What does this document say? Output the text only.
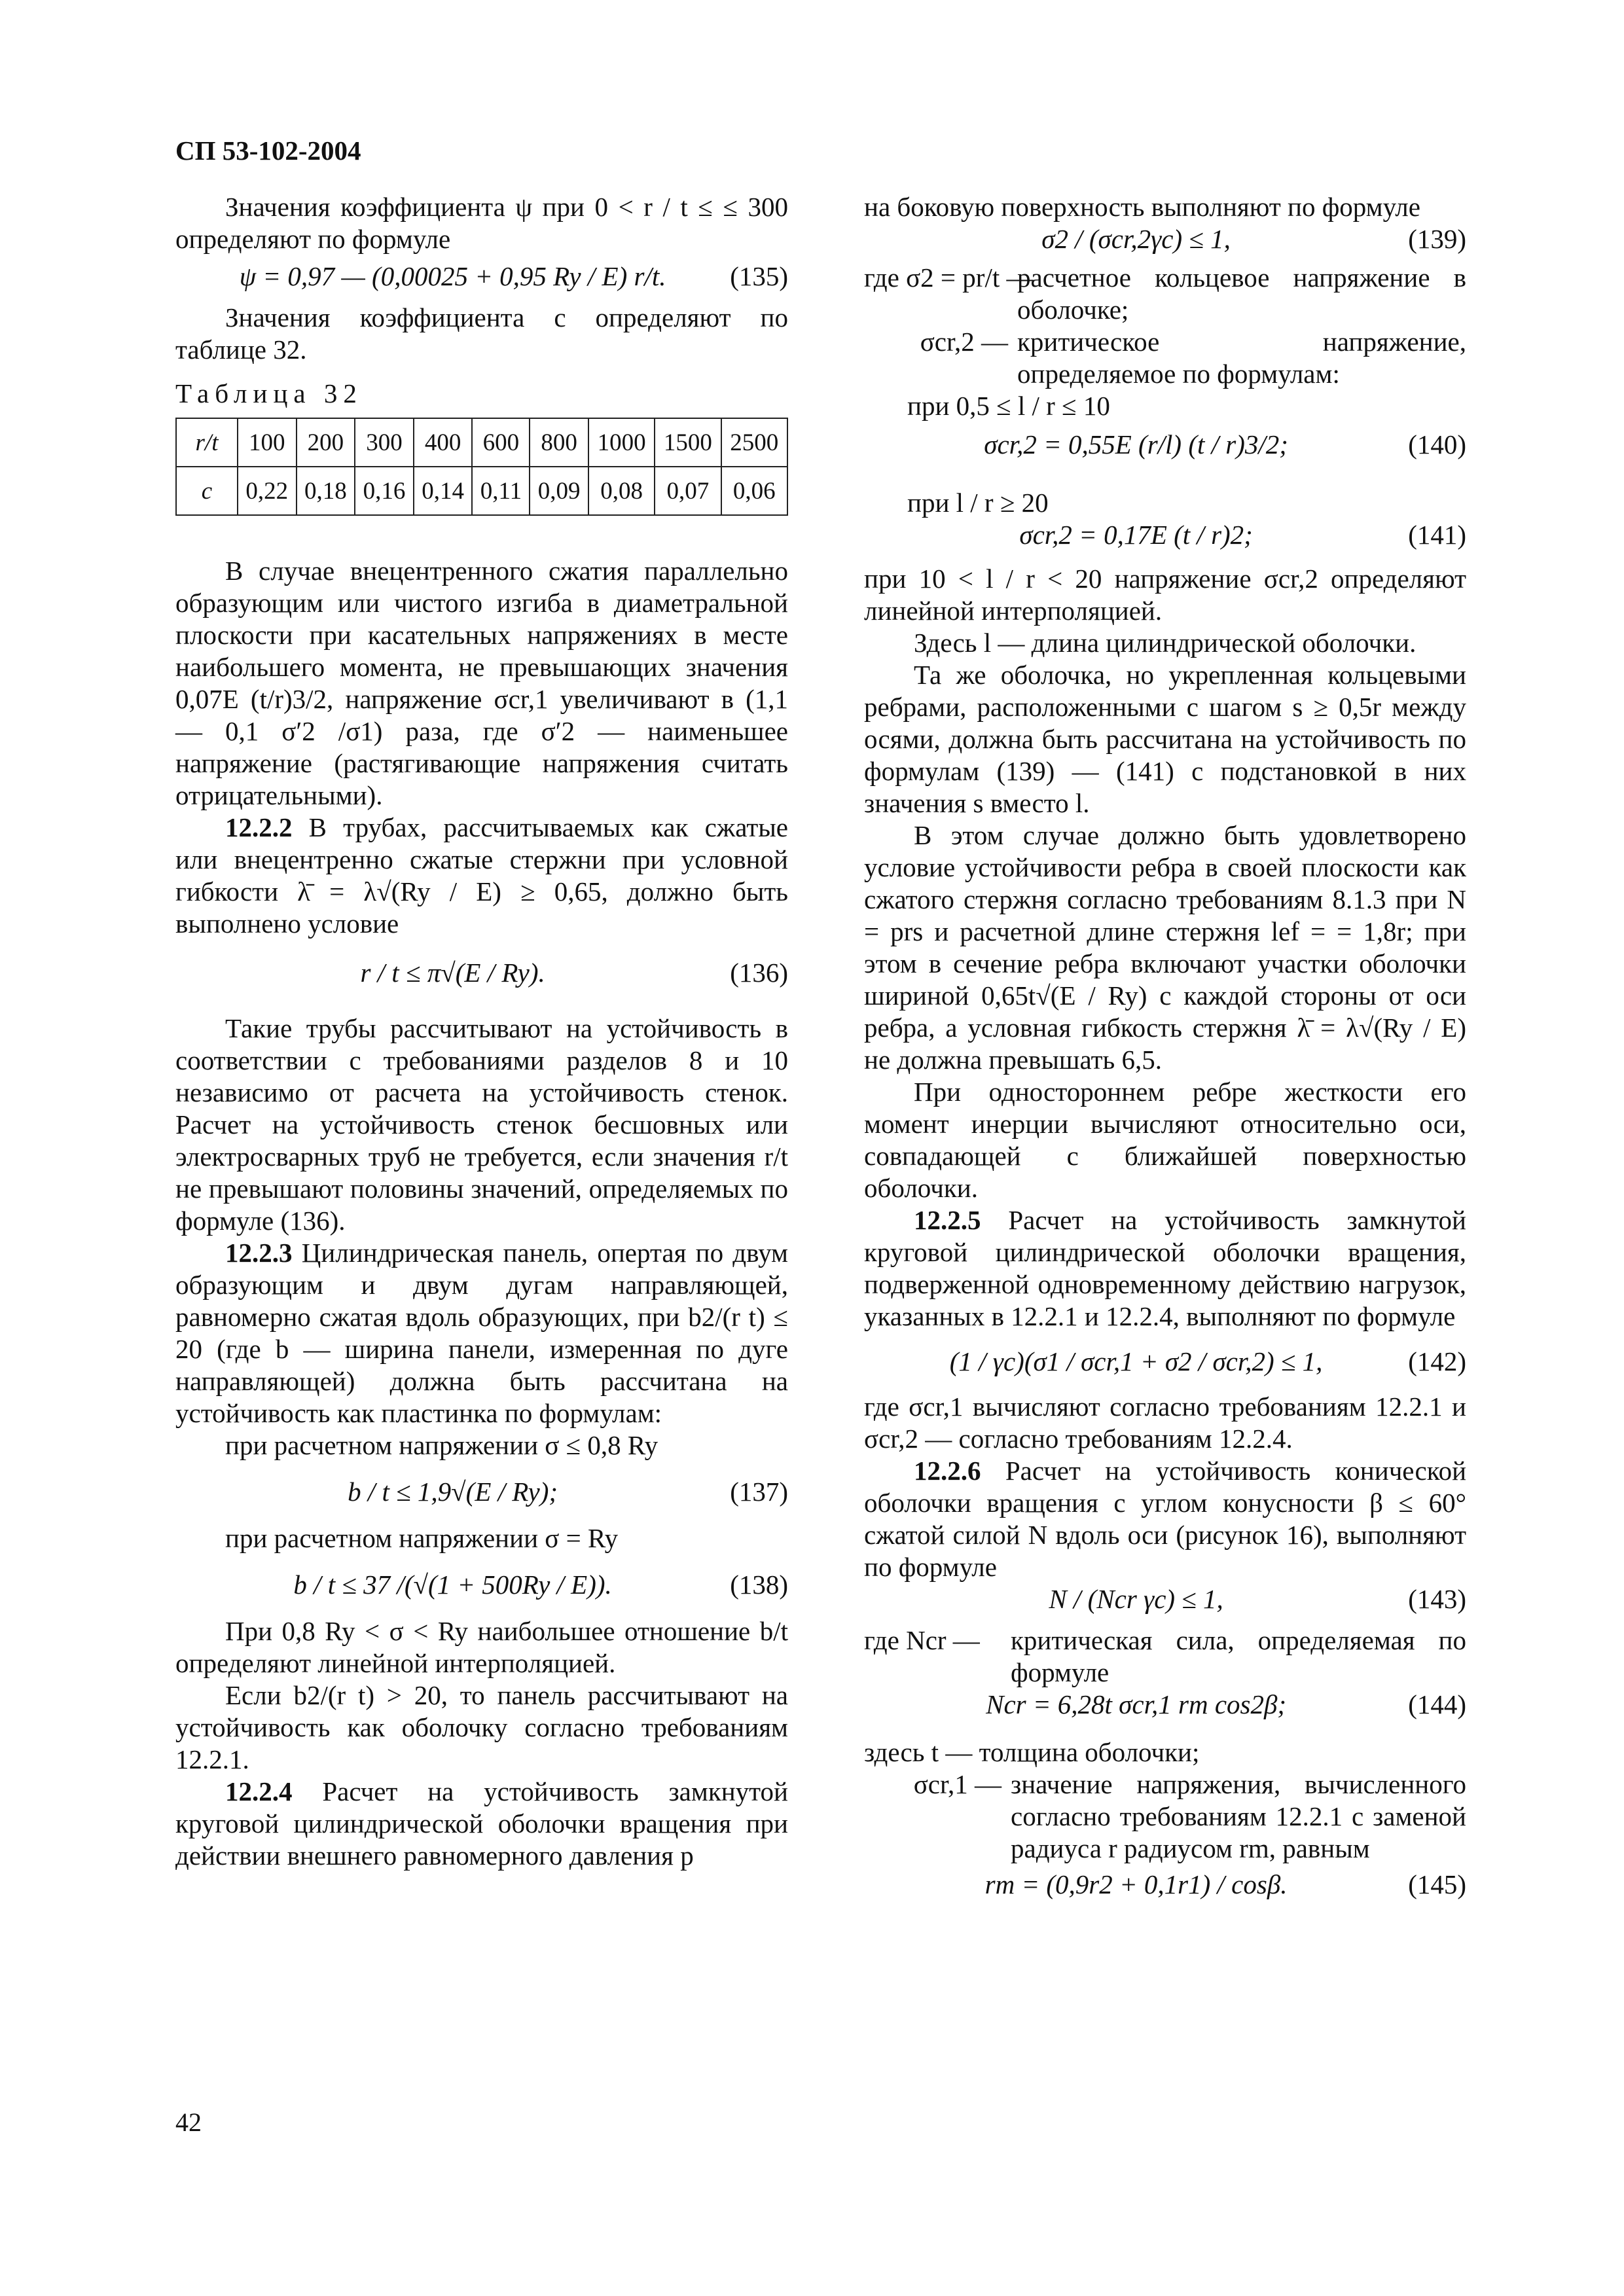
СП 53-102-2004

Значения коэффициента ψ при 0 < r / t ≤ ≤ 300 определяют по формуле

ψ = 0,97 — (0,00025 + 0,95 Ry / E) r/t.	(135)

Значения коэффициента c определяют по таблице 32.

Таблица 32
r/t	100	200	300	400	600	800	1000	1500	2500
c	0,22	0,18	0,16	0,14	0,11	0,09	0,08	0,07	0,06

В случае внецентренного сжатия параллельно образующим или чистого изгиба в диаметральной плоскости при касательных напряжениях в месте наибольшего момента, не превышающих значения 0,07E (t/r)3/2, напряжение σcr,1 увеличивают в (1,1 — 0,1 σ′2 /σ1) раза, где σ′2 — наименьшее напряжение (растягивающие напряжения считать отрицательными).

12.2.2 В трубах, рассчитываемых как сжатые или внецентренно сжатые стержни при условной гибкости λ̄ = λ√(Ry / E) ≥ 0,65, должно быть выполнено условие

r / t ≤ π√(E / Ry).	(136)

Такие трубы рассчитывают на устойчивость в соответствии с требованиями разделов 8 и 10 независимо от расчета на устойчивость стенок. Расчет на устойчивость стенок бесшовных или электросварных труб не требуется, если значения r/t не превышают половины значений, определяемых по формуле (136).

12.2.3 Цилиндрическая панель, опертая по двум образующим и двум дугам направляющей, равномерно сжатая вдоль образующих, при b2/(r t) ≤ 20 (где b — ширина панели, измеренная по дуге направляющей) должна быть рассчитана на устойчивость как пластинка по формулам:

при расчетном напряжении σ ≤ 0,8 Ry

b / t ≤ 1,9√(E / Ry);	(137)

при расчетном напряжении σ = Ry

b / t ≤ 37 /(√(1 + 500Ry / E)).	(138)

При 0,8 Ry < σ < Ry наибольшее отношение b/t определяют линейной интерполяцией.

Если b2/(r t) > 20, то панель рассчитывают на устойчивость как оболочку согласно требованиям 12.2.1.

12.2.4 Расчет на устойчивость замкнутой круговой цилиндрической оболочки вращения при действии внешнего равномерного давления p

на боковую поверхность выполняют по формуле

σ2 / (σcr,2γc) ≤ 1,	(139)
где σ2 = pr/t —
расчетное кольцевое напряжение в оболочке;
σcr,2 — критическое напряжение, определяемое по формулам:

при 0,5 ≤ l / r ≤ 10

σcr,2 = 0,55E (r/l) (t / r)3/2;	(140)

при l / r ≥ 20

σcr,2 = 0,17E (t / r)2;	(141)

при 10 < l / r < 20 напряжение σcr,2 определяют линейной интерполяцией.

Здесь l — длина цилиндрической оболочки.

Та же оболочка, но укрепленная кольцевыми ребрами, расположенными с шагом s ≥ 0,5r между осями, должна быть рассчитана на устойчивость по формулам (139) — (141) с подстановкой в них значения s вместо l.

В этом случае должно быть удовлетворено условие устойчивости ребра в своей плоскости как сжатого стержня согласно требованиям 8.1.3 при N = prs и расчетной длине стержня lef = = 1,8r; при этом в сечение ребра включают участки оболочки шириной 0,65t√(E / Ry) с каждой стороны от оси ребра, а условная гибкость стержня λ̄ = λ√(Ry / E) не должна превышать 6,5.

При одностороннем ребре жесткости его момент инерции вычисляют относительно оси, совпадающей с ближайшей поверхностью оболочки.

12.2.5 Расчет на устойчивость замкнутой круговой цилиндрической оболочки вращения, подверженной одновременному действию нагрузок, указанных в 12.2.1 и 12.2.4, выполняют по формуле

(1 / γc)(σ1 / σcr,1 + σ2 / σcr,2) ≤ 1,	(142)

где σcr,1 вычисляют согласно требованиям 12.2.1 и σcr,2 — согласно требованиям 12.2.4.

12.2.6 Расчет на устойчивость конической оболочки вращения с углом конусности β ≤ 60° сжатой силой N вдоль оси (рисунок 16), выполняют по формуле

N / (Ncr γc) ≤ 1,	(143)
где Ncr —	критическая сила, определяемая по формуле
Ncr = 6,28t σcr,1 rm cos2β;	(144)

здесь t — толщина оболочки;

σcr,1 — значение напряжения, вычисленного согласно требованиям 12.2.1 с заменой радиуса r радиусом rm, равным
rm = (0,9r2 + 0,1r1) / cosβ.	(145)
42
